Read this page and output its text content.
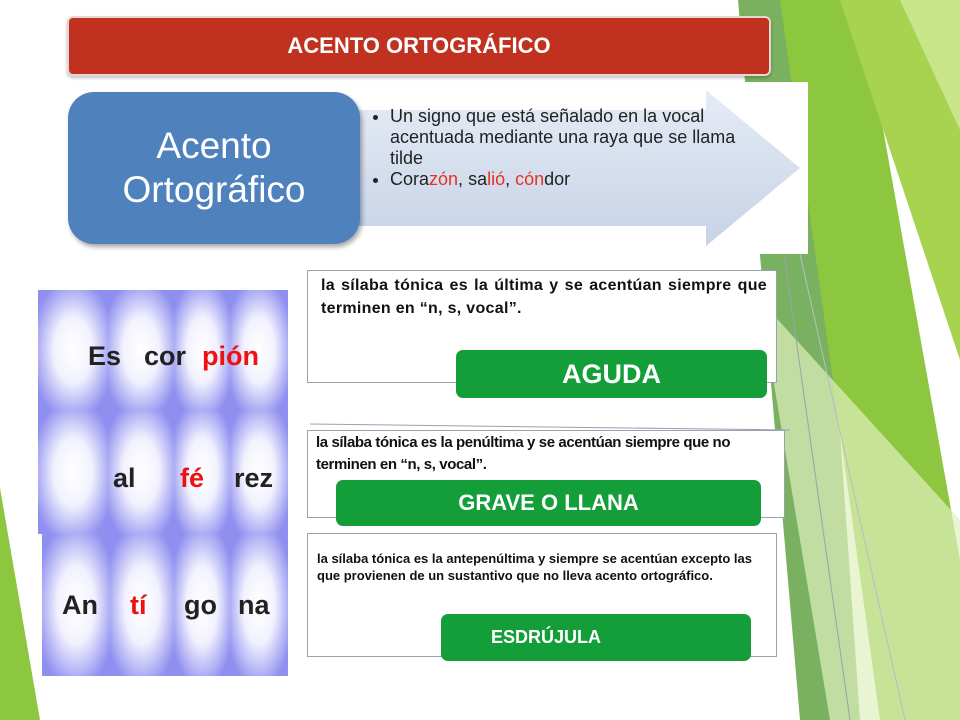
ACENTO ORTOGRÁFICO
Acento
Ortográfico
• Un signo que está señalado en la vocal acentuada mediante una raya que se llama tilde
• Corazón, salió, cóndor
Es cor pión
al fé rez
An tí go na
la sílaba tónica es la última y se acentúan siempre que terminen en “n, s, vocal”.
AGUDA
la sílaba tónica es la penúltima y se acentúan siempre que no terminen en “n, s, vocal”.
GRAVE O LLANA
la sílaba tónica es la antepenúltima y siempre se acentúan excepto las que provienen de un sustantivo que no lleva acento ortográfico.
ESDRÚJULA
